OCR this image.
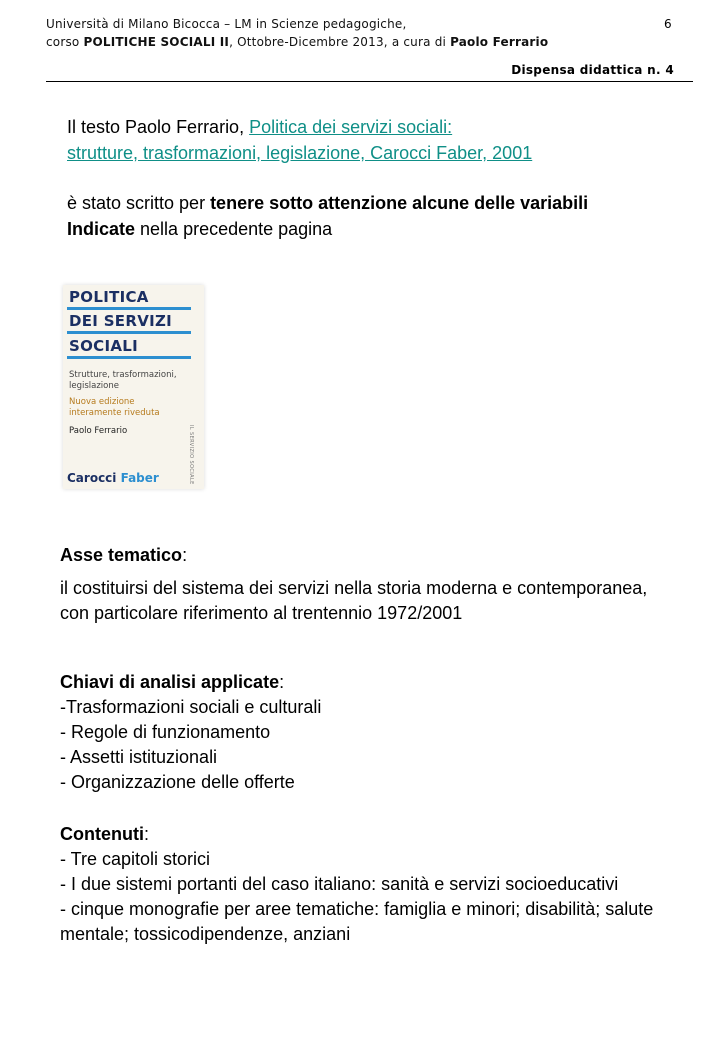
Università di Milano Bicocca – LM in Scienze pedagogiche,
corso POLITICHE SOCIALI II, Ottobre-Dicembre 2013, a cura di Paolo Ferrario
6
Dispensa didattica n. 4
Il testo Paolo Ferrario, Politica dei servizi sociali:
strutture, trasformazioni, legislazione, Carocci Faber, 2001
è stato scritto per tenere sotto attenzione alcune delle variabili
Indicate nella precedente pagina
POLITICA
DEI SERVIZI
SOCIALI
Strutture, trasformazioni,
legislazione
Nuova edizione
interamente riveduta
Paolo Ferrario	IL SERVIZIO SOCIALE
Carocci Faber

Asse tematico:

il costituirsi del sistema dei servizi nella storia moderna e contemporanea, con particolare riferimento al trentennio 1972/2001

Chiavi di analisi applicate:

-Trasformazioni sociali e culturali

- Regole di funzionamento

- Assetti istituzionali

- Organizzazione delle offerte

Contenuti:

- Tre capitoli storici

- I due sistemi portanti del caso italiano: sanità e servizi socioeducativi

- cinque monografie per aree tematiche: famiglia e minori; disabilità; salute mentale; tossicodipendenze, anziani
